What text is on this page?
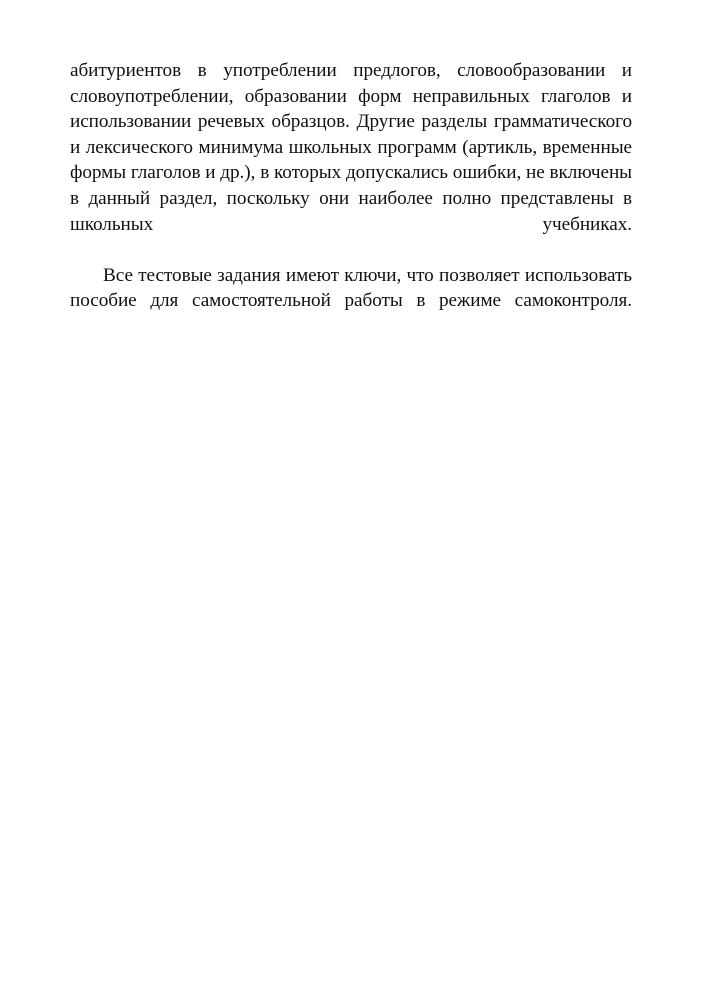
абитуриентов в употреблении предлогов, словообразовании и словоупотреблении, образовании форм неправильных глаголов и использовании речевых образцов. Другие разделы грамматического и лексического минимума школьных программ (артикль, временные формы глаголов и др.), в которых допускались ошибки, не включены в данный раздел, поскольку они наиболее полно представлены в школьных учебниках.

Все тестовые задания имеют ключи, что позволяет использовать пособие для самостоятельной работы в режиме самоконтроля.
